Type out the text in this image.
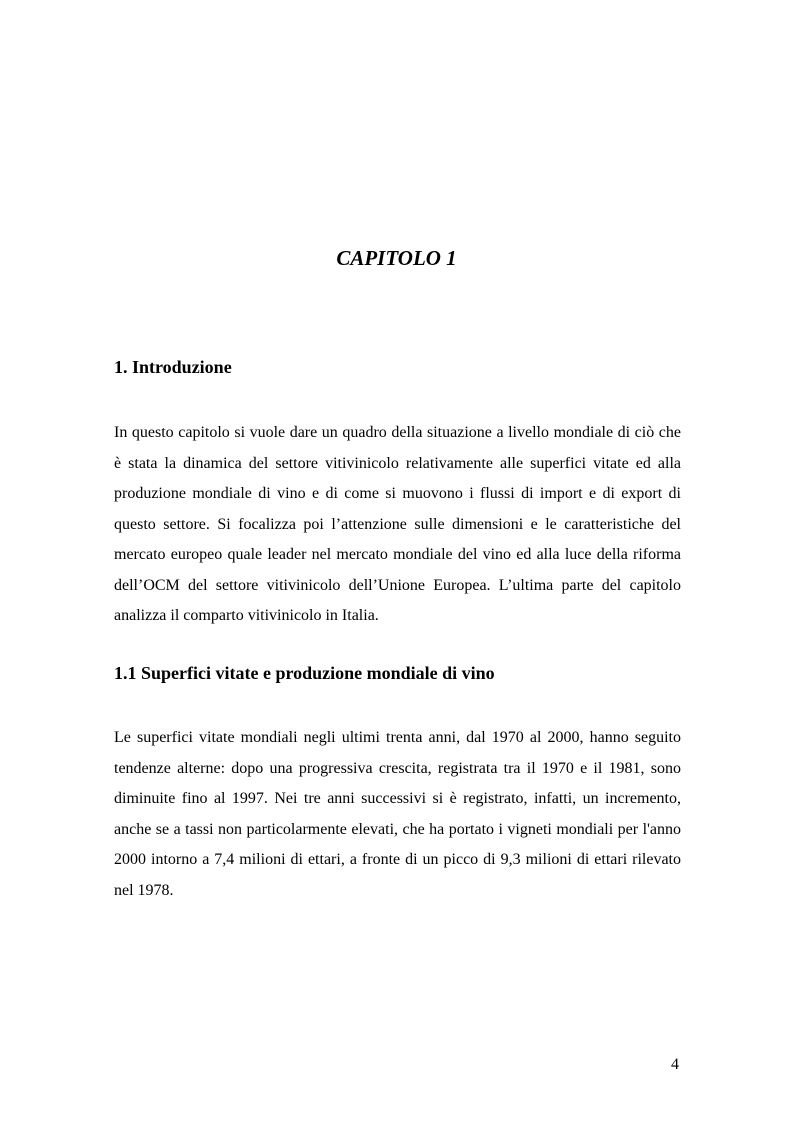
CAPITOLO 1
1. Introduzione

In questo capitolo si vuole dare un quadro della situazione a livello mondiale di ciò che è stata la dinamica del settore vitivinicolo relativamente alle superfici vitate ed alla produzione mondiale di vino e di come si muovono i flussi di import e di export di questo settore. Si focalizza poi l’attenzione sulle dimensioni e le caratteristiche del mercato europeo quale leader nel mercato mondiale del vino ed alla luce della riforma dell’OCM del settore vitivinicolo dell’Unione Europea. L’ultima parte del capitolo analizza il comparto vitivinicolo in Italia.

1.1 Superfici vitate e produzione mondiale di vino

Le superfici vitate mondiali negli ultimi trenta anni, dal 1970 al 2000, hanno seguito tendenze alterne: dopo una progressiva crescita, registrata tra il 1970 e il 1981, sono diminuite fino al 1997. Nei tre anni successivi si è registrato, infatti, un incremento, anche se a tassi non particolarmente elevati, che ha portato i vigneti mondiali per l'anno 2000 intorno a 7,4 milioni di ettari, a fronte di un picco di 9,3 milioni di ettari rilevato nel 1978.

4
